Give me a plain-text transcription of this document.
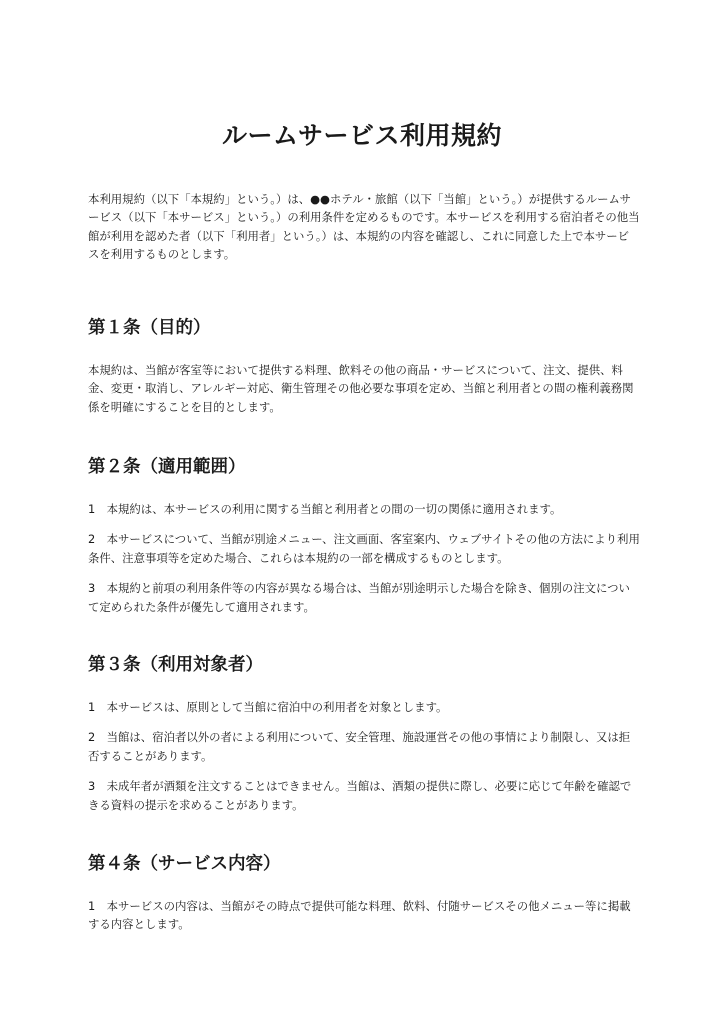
ルームサービス利用規約

本利用規約（以下「本規約」という。）は、●●ホテル・旅館（以下「当館」という。）が提供するルームサービス（以下「本サービス」という。）の利用条件を定めるものです。本サービスを利用する宿泊者その他当館が利用を認めた者（以下「利用者」という。）は、本規約の内容を確認し、これに同意した上で本サービスを利用するものとします。

第１条（目的）

本規約は、当館が客室等において提供する料理、飲料その他の商品・サービスについて、注文、提供、料金、変更・取消し、アレルギー対応、衛生管理その他必要な事項を定め、当館と利用者との間の権利義務関係を明確にすることを目的とします。

第２条（適用範囲）

1　本規約は、本サービスの利用に関する当館と利用者との間の一切の関係に適用されます。

2　本サービスについて、当館が別途メニュー、注文画面、客室案内、ウェブサイトその他の方法により利用条件、注意事項等を定めた場合、これらは本規約の一部を構成するものとします。

3　本規約と前項の利用条件等の内容が異なる場合は、当館が別途明示した場合を除き、個別の注文について定められた条件が優先して適用されます。

第３条（利用対象者）

1　本サービスは、原則として当館に宿泊中の利用者を対象とします。

2　当館は、宿泊者以外の者による利用について、安全管理、施設運営その他の事情により制限し、又は拒否することがあります。

3　未成年者が酒類を注文することはできません。当館は、酒類の提供に際し、必要に応じて年齢を確認できる資料の提示を求めることがあります。

第４条（サービス内容）

1　本サービスの内容は、当館がその時点で提供可能な料理、飲料、付随サービスその他メニュー等に掲載する内容とします。
